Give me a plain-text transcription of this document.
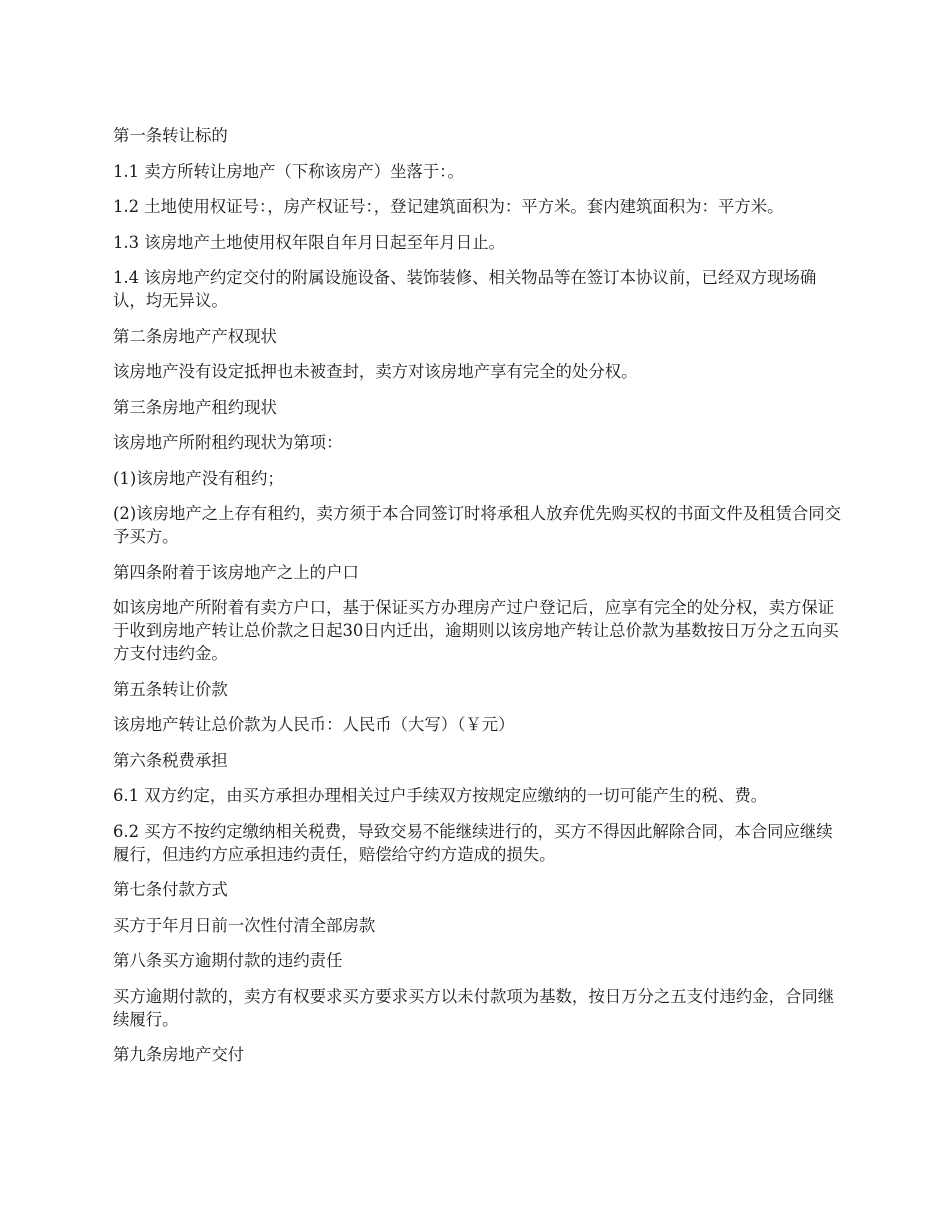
第一条转让标的

1.1 卖方所转让房地产（下称该房产）坐落于：。

1.2 土地使用权证号：，房产权证号：，登记建筑面积为：平方米。套内建筑面积为：平方米。

1.3 该房地产土地使用权年限自年月日起至年月日止。

1.4 该房地产约定交付的附属设施设备、装饰装修、相关物品等在签订本协议前，已经双方现场确认，均无异议。

第二条房地产产权现状

该房地产没有设定抵押也未被查封，卖方对该房地产享有完全的处分权。

第三条房地产租约现状

该房地产所附租约现状为第项：

(1)该房地产没有租约；

(2)该房地产之上存有租约，卖方须于本合同签订时将承租人放弃优先购买权的书面文件及租赁合同交予买方。

第四条附着于该房地产之上的户口

如该房地产所附着有卖方户口，基于保证买方办理房产过户登记后，应享有完全的处分权，卖方保证于收到房地产转让总价款之日起30日内迁出，逾期则以该房地产转让总价款为基数按日万分之五向买方支付违约金。

第五条转让价款

该房地产转让总价款为人民币：人民币（大写）（￥元）

第六条税费承担

6.1 双方约定，由买方承担办理相关过户手续双方按规定应缴纳的一切可能产生的税、费。

6.2 买方不按约定缴纳相关税费，导致交易不能继续进行的，买方不得因此解除合同，本合同应继续履行，但违约方应承担违约责任，赔偿给守约方造成的损失。

第七条付款方式

买方于年月日前一次性付清全部房款

第八条买方逾期付款的违约责任

买方逾期付款的，卖方有权要求买方要求买方以未付款项为基数，按日万分之五支付违约金，合同继续履行。

第九条房地产交付
